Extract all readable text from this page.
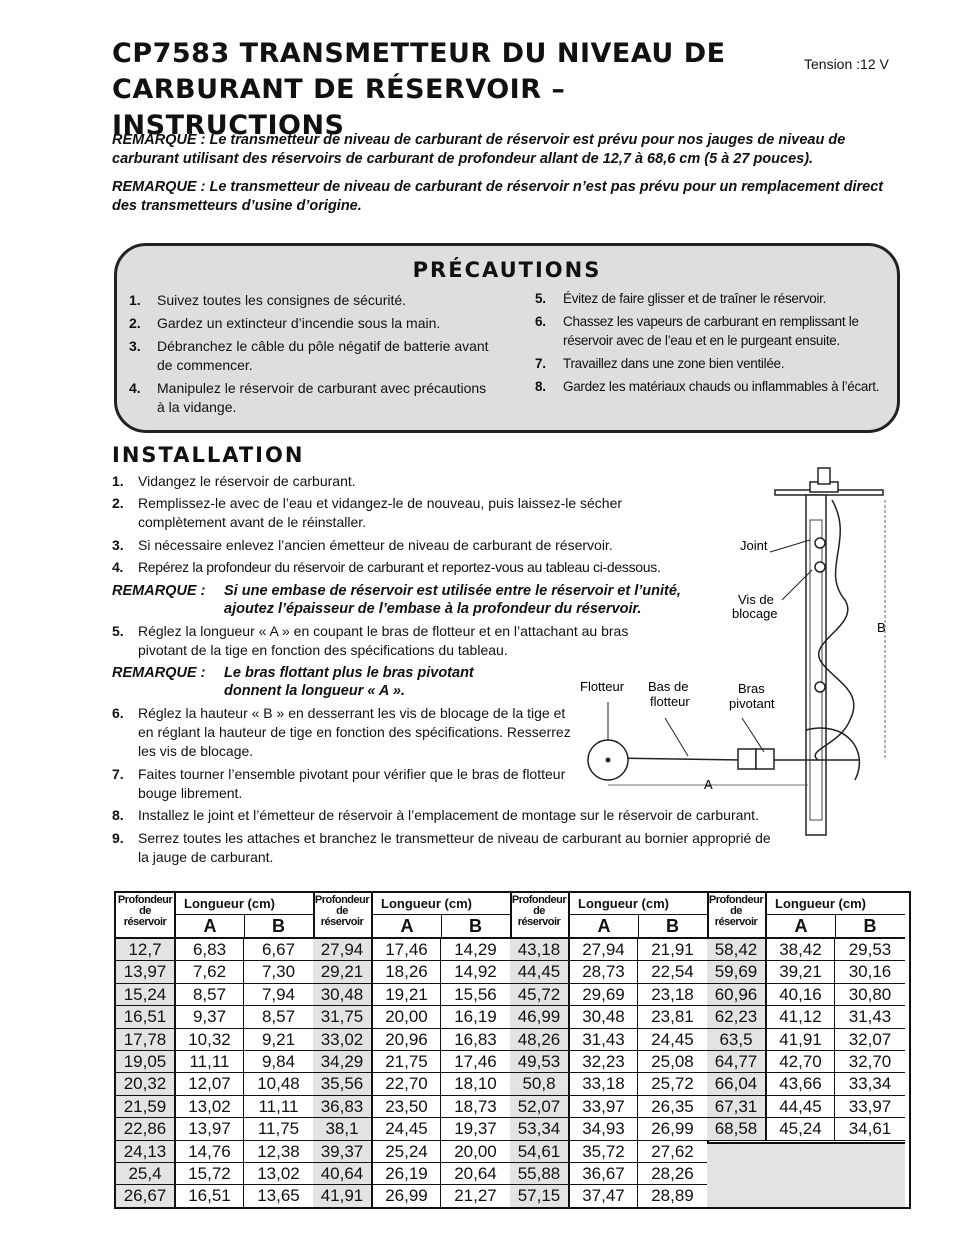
CP7583 TRANSMETTEUR DU NIVEAU DE
CARBURANT DE RÉSERVOIR – INSTRUCTIONS
Tension :12 V
REMARQUE : Le transmetteur de niveau de carburant de réservoir est prévu pour nos jauges de niveau de carburant utilisant des réservoirs de carburant de profondeur allant de 12,7 à 68,6 cm (5 à 27 pouces).
REMARQUE : Le transmetteur de niveau de carburant de réservoir n’est pas prévu pour un remplacement direct des transmetteurs d’usine d’origine.
PRÉCAUTIONS
1. Suivez toutes les consignes de sécurité.
2. Gardez un extincteur d’incendie sous la main.
3. Débranchez le câble du pôle négatif de batterie avant de commencer.
4. Manipulez le réservoir de carburant avec précautions à la vidange.
5. Évitez de faire glisser et de traîner le réservoir.
6. Chassez les vapeurs de carburant en remplissant le réservoir avec de l’eau et en le purgeant ensuite.
7. Travaillez dans une zone bien ventilée.
8. Gardez les matériaux chauds ou inflammables à l’écart.
INSTALLATION
1.	Vidangez le réservoir de carburant.
2.	Remplissez-le avec de l’eau et vidangez-le de nouveau, puis laissez-le sécher complètement avant de le réinstaller.
3.	Si nécessaire enlevez l’ancien émetteur de niveau de carburant de réservoir.
4.	Repérez la profondeur du réservoir de carburant et reportez-vous au tableau ci-dessous.
REMARQUE :	Si une embase de réservoir est utilisée entre le réservoir et l’unité, ajoutez l’épaisseur de l’embase à la profondeur du réservoir.
5.	Réglez la longueur « A » en coupant le bras de flotteur et en l’attachant au bras pivotant de la tige en fonction des spécifications du tableau.
REMARQUE :	Le bras flottant plus le bras pivotant donnent la longueur « A ».
6.	Réglez la hauteur « B » en desserrant les vis de blocage de la tige et en réglant la hauteur de tige en fonction des spécifications. Resserrez les vis de blocage.
7.	Faites tourner l’ensemble pivotant pour vérifier que le bras de flotteur bouge librement.
8.	Installez le joint et l’émetteur de réservoir à l’emplacement de montage sur le réservoir de carburant.
9.	Serrez toutes les attaches et branchez le transmetteur de niveau de carburant au bornier approprié de la jauge de carburant.
Joint
Vis de
blocage
B
Flotteur Bas de
flotteur
Bras
pivotant
A
Profondeur
de
réservoir
Longueur (cm)
A	B
12,7	6,83	6,67
13,97	7,62	7,30
15,24	8,57	7,94
16,51	9,37	8,57
17,78	10,32	9,21
19,05	11,11	9,84
20,32	12,07	10,48
21,59	13,02	11,11
22,86	13,97	11,75
24,13	14,76	12,38
25,4	15,72	13,02
26,67	16,51	13,65
Profondeur
de
réservoir
Longueur (cm)
A	B
27,94	17,46	14,29
29,21	18,26	14,92
30,48	19,21	15,56
31,75	20,00	16,19
33,02	20,96	16,83
34,29	21,75	17,46
35,56	22,70	18,10
36,83	23,50	18,73
38,1	24,45	19,37
39,37	25,24	20,00
40,64	26,19	20,64
41,91	26,99	21,27
Profondeur
de
réservoir
Longueur (cm)
A	B
43,18	27,94	21,91
44,45	28,73	22,54
45,72	29,69	23,18
46,99	30,48	23,81
48,26	31,43	24,45
49,53	32,23	25,08
50,8	33,18	25,72
52,07	33,97	26,35
53,34	34,93	26,99
54,61	35,72	27,62
55,88	36,67	28,26
57,15	37,47	28,89
Profondeur
de
réservoir
Longueur (cm)
A	B
58,42	38,42	29,53
59,69	39,21	30,16
60,96	40,16	30,80
62,23	41,12	31,43
63,5	41,91	32,07
64,77	42,70	32,70
66,04	43,66	33,34
67,31	44,45	33,97
68,58	45,24	34,61
